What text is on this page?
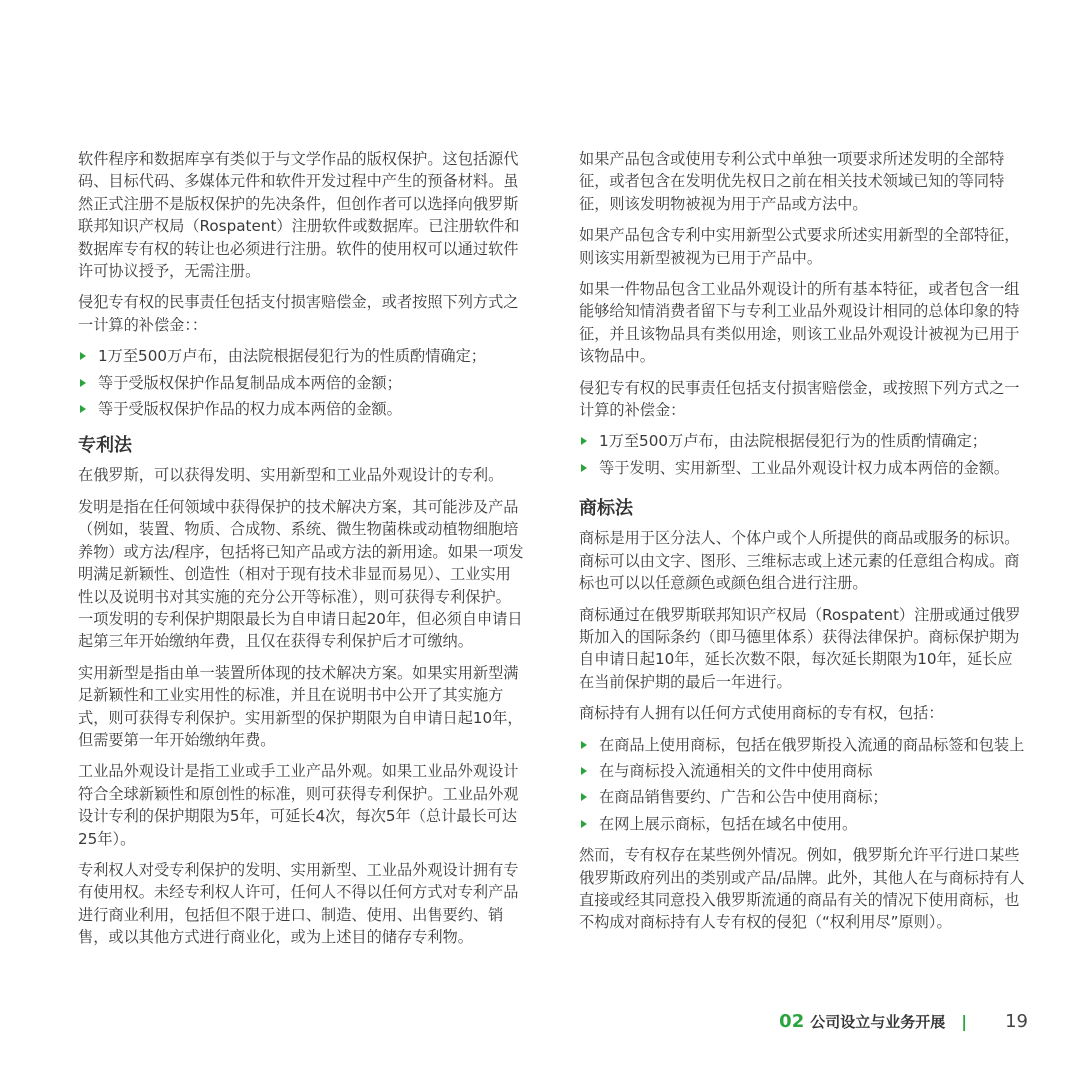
软件程序和数据库享有类似于与文学作品的版权保护。这包括源代码、目标代码、多媒体元件和软件开发过程中产生的预备材料。虽然正式注册不是版权保护的先决条件，但创作者可以选择向俄罗斯联邦知识产权局（Rospatent）注册软件或数据库。已注册软件和数据库专有权的转让也必须进行注册。软件的使用权可以通过软件许可协议授予，无需注册。

侵犯专有权的民事责任包括支付损害赔偿金，或者按照下列方式之一计算的补偿金：：

1万至500万卢布，由法院根据侵犯行为的性质酌情确定；
等于受版权保护作品复制品成本两倍的金额；
等于受版权保护作品的权力成本两倍的金额。
专利法

在俄罗斯，可以获得发明、实用新型和工业品外观设计的专利。

发明是指在任何领域中获得保护的技术解决方案，其可能涉及产品（例如，装置、物质、合成物、系统、微生物菌株或动植物细胞培养物）或方法/程序，包括将已知产品或方法的新用途。如果一项发明满足新颖性、创造性（相对于现有技术非显而易见）、工业实用性以及说明书对其实施的充分公开等标准），则可获得专利保护。一项发明的专利保护期限最长为自申请日起20年，但必须自申请日起第三年开始缴纳年费，且仅在获得专利保护后才可缴纳。

实用新型是指由单一装置所体现的技术解决方案。如果实用新型满足新颖性和工业实用性的标准，并且在说明书中公开了其实施方式，则可获得专利保护。实用新型的保护期限为自申请日起10年，但需要第一年开始缴纳年费。

工业品外观设计是指工业或手工业产品外观。如果工业品外观设计符合全球新颖性和原创性的标准，则可获得专利保护。工业品外观设计专利的保护期限为5年，可延长4次，每次5年（总计最长可达25年）。

专利权人对受专利保护的发明、实用新型、工业品外观设计拥有专有使用权。未经专利权人许可，任何人不得以任何方式对专利产品进行商业利用，包括但不限于进口、制造、使用、出售要约、销售，或以其他方式进行商业化，或为上述目的储存专利物。

如果产品包含或使用专利公式中单独一项要求所述发明的全部特征，或者包含在发明优先权日之前在相关技术领域已知的等同特征，则该发明物被视为用于产品或方法中。

如果产品包含专利中实用新型公式要求所述实用新型的全部特征，则该实用新型被视为已用于产品中。

如果一件物品包含工业品外观设计的所有基本特征，或者包含一组能够给知情消费者留下与专利工业品外观设计相同的总体印象的特征，并且该物品具有类似用途，则该工业品外观设计被视为已用于该物品中。

侵犯专有权的民事责任包括支付损害赔偿金，或按照下列方式之一计算的补偿金：

1万至500万卢布，由法院根据侵犯行为的性质酌情确定；
等于发明、实用新型、工业品外观设计权力成本两倍的金额。
商标法

商标是用于区分法人、个体户或个人所提供的商品或服务的标识。商标可以由文字、图形、三维标志或上述元素的任意组合构成。商标也可以以任意颜色或颜色组合进行注册。

商标通过在俄罗斯联邦知识产权局（Rospatent）注册或通过俄罗斯加入的国际条约（即马德里体系）获得法律保护。商标保护期为自申请日起10年，延长次数不限，每次延长期限为10年，延长应在当前保护期的最后一年进行。

商标持有人拥有以任何方式使用商标的专有权，包括：

在商品上使用商标，包括在俄罗斯投入流通的商品标签和包装上
在与商标投入流通相关的文件中使用商标
在商品销售要约、广告和公告中使用商标；
在网上展示商标，包括在域名中使用。

然而，专有权存在某些例外情况。例如，俄罗斯允许平行进口某些俄罗斯政府列出的类别或产品/品牌。此外，其他人在与商标持有人直接或经其同意投入俄罗斯流通的商品有关的情况下使用商标，也不构成对商标持有人专有权的侵犯（“权利用尽”原则）。

02 公司设立与业务开展 | 19
